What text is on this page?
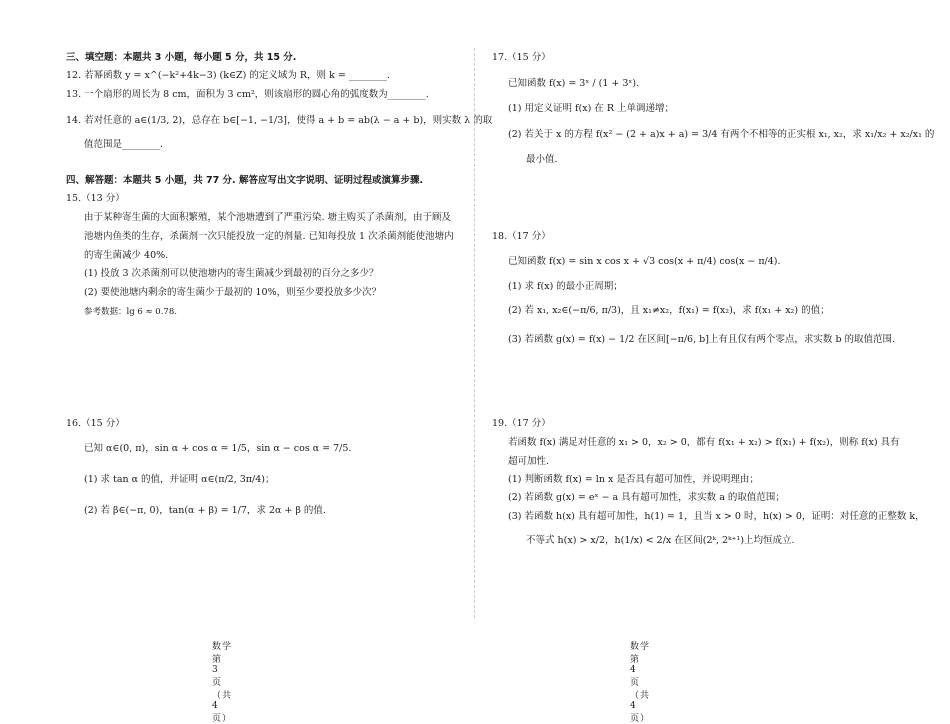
三、填空题：本题共 3 小题，每小题 5 分，共 15 分.
12. 若幂函数 y = x^(−k²+4k−3) (k∈Z) 的定义域为 R，则 k = ________.
13. 一个扇形的周长为 8 cm，面积为 3 cm²，则该扇形的圆心角的弧度数为________.
14. 若对任意的 a∈(1/3, 2)，总存在 b∈[−1, −1/3]，使得 a + b = ab(λ − a + b)，则实数 λ 的取
值范围是________.
四、解答题：本题共 5 小题，共 77 分. 解答应写出文字说明、证明过程或演算步骤.
15.（13 分）
由于某种寄生菌的大面积繁殖，某个池塘遭到了严重污染. 塘主购买了杀菌剂，由于顾及
池塘内鱼类的生存，杀菌剂一次只能投放一定的剂量. 已知每投放 1 次杀菌剂能使池塘内
的寄生菌减少 40%.
(1) 投放 3 次杀菌剂可以使池塘内的寄生菌减少到最初的百分之多少？
(2) 要使池塘内剩余的寄生菌少于最初的 10%，则至少要投放多少次？
参考数据：lg 6 ≈ 0.78.
16.（15 分）
已知 α∈(0, π)，sin α + cos α = 1/5，sin α − cos α = 7/5.
(1) 求 tan α 的值，并证明 α∈(π/2, 3π/4)；
(2) 若 β∈(−π, 0)，tan(α + β) = 1/7，求 2α + β 的值.
数学　第 3 页（共 4 页）
17.（15 分）
已知函数 f(x) = 3ˣ / (1 + 3ˣ).
(1) 用定义证明 f(x) 在 R 上单调递增；
(2) 若关于 x 的方程 f(x² − (2 + a)x + a) = 3/4 有两个不相等的正实根 x₁, x₂，求 x₁/x₂ + x₂/x₁ 的
最小值.
18.（17 分）
已知函数 f(x) = sin x cos x + √3 cos(x + π/4) cos(x − π/4).
(1) 求 f(x) 的最小正周期；
(2) 若 x₁, x₂∈(−π/6, π/3)，且 x₁≠x₂，f(x₁) = f(x₂)，求 f(x₁ + x₂) 的值；
(3) 若函数 g(x) = f(x) − 1/2 在区间[−π/6, b]上有且仅有两个零点，求实数 b 的取值范围.
19.（17 分）
若函数 f(x) 满足对任意的 x₁ > 0，x₂ > 0，都有 f(x₁ + x₂) > f(x₁) + f(x₂)，则称 f(x) 具有
超可加性.
(1) 判断函数 f(x) = ln x 是否具有超可加性，并说明理由；
(2) 若函数 g(x) = eˣ − a 具有超可加性，求实数 a 的取值范围；
(3) 若函数 h(x) 具有超可加性，h(1) = 1，且当 x > 0 时，h(x) > 0，证明：对任意的正整数 k，
不等式 h(x) > x/2，h(1/x) < 2/x 在区间(2ᵏ, 2ᵏ⁺¹)上均恒成立.
数学　第 4 页（共 4 页）
